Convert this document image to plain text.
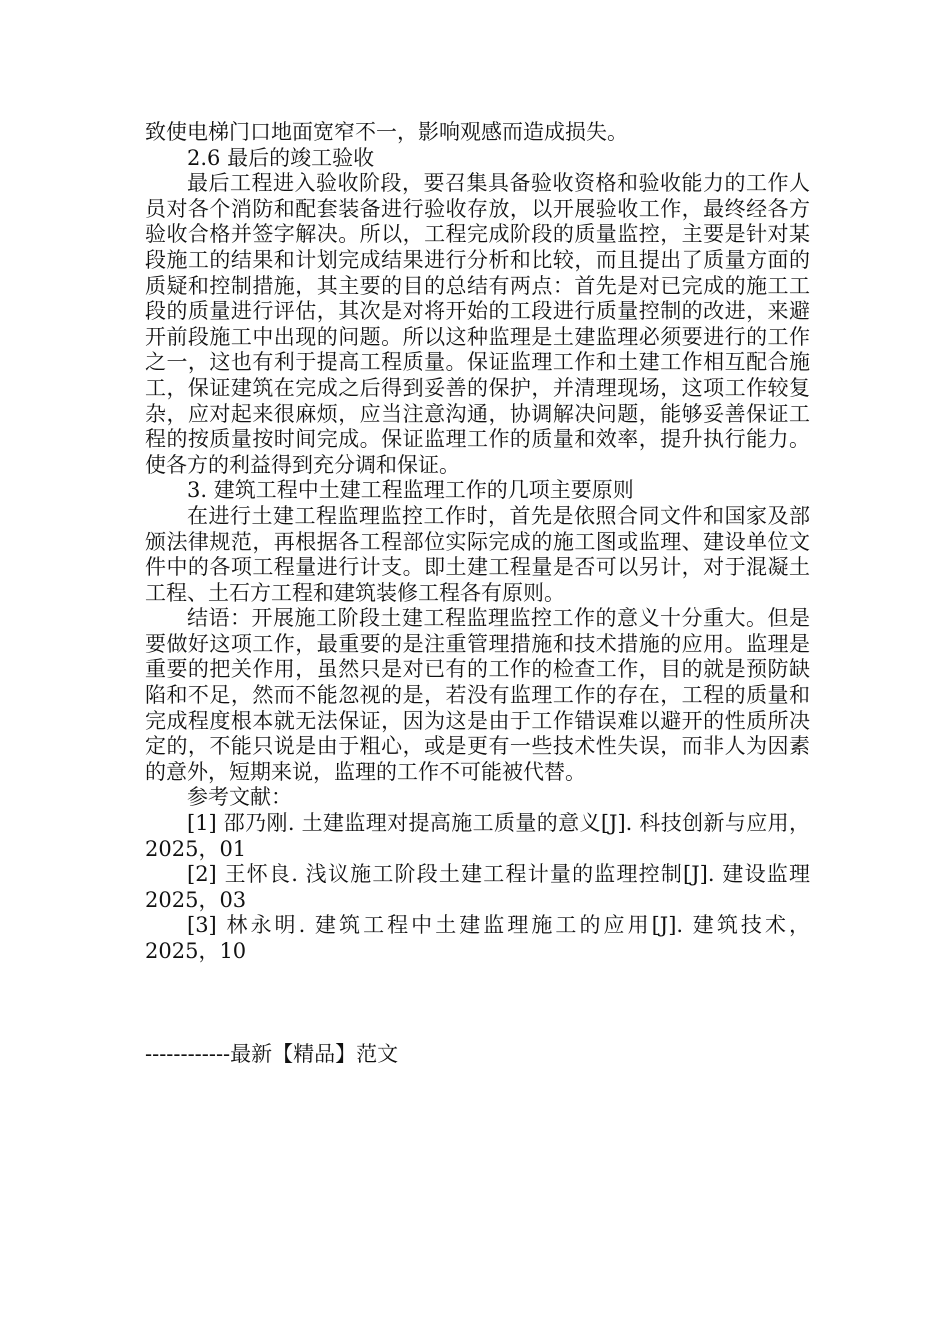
致使电梯门口地面宽窄不一，影响观感而造成损失。

2.6 最后的竣工验收

最后工程进入验收阶段，要召集具备验收资格和验收能力的工作人员对各个消防和配套装备进行验收存放，以开展验收工作，最终经各方验收合格并签字解决。所以，工程完成阶段的质量监控，主要是针对某段施工的结果和计划完成结果进行分析和比较，而且提出了质量方面的质疑和控制措施，其主要的目的总结有两点：首先是对已完成的施工工段的质量进行评估，其次是对将开始的工段进行质量控制的改进，来避开前段施工中出现的问题。所以这种监理是土建监理必须要进行的工作之一，这也有利于提高工程质量。保证监理工作和土建工作相互配合施工，保证建筑在完成之后得到妥善的保护，并清理现场，这项工作较复杂，应对起来很麻烦，应当注意沟通，协调解决问题，能够妥善保证工程的按质量按时间完成。保证监理工作的质量和效率，提升执行能力。使各方的利益得到充分调和保证。

3. 建筑工程中土建工程监理工作的几项主要原则

在进行土建工程监理监控工作时，首先是依照合同文件和国家及部颁法律规范，再根据各工程部位实际完成的施工图或监理、建设单位文件中的各项工程量进行计支。即土建工程量是否可以另计，对于混凝土工程、土石方工程和建筑装修工程各有原则。

结语：开展施工阶段土建工程监理监控工作的意义十分重大。但是要做好这项工作，最重要的是注重管理措施和技术措施的应用。监理是重要的把关作用，虽然只是对已有的工作的检查工作，目的就是预防缺陷和不足，然而不能忽视的是，若没有监理工作的存在，工程的质量和完成程度根本就无法保证，因为这是由于工作错误难以避开的性质所决定的，不能只说是由于粗心，或是更有一些技术性失误，而非人为因素的意外，短期来说，监理的工作不可能被代替。

参考文献：

[1] 邵乃刚. 土建监理对提高施工质量的意义[J]. 科技创新与应用，2025，01

[2] 王怀良. 浅议施工阶段土建工程计量的监理控制[J]. 建设监理 2025，03

[3] 林永明. 建筑工程中土建监理施工的应用[J]. 建筑技术，2025，10

------------最新【精品】范文
